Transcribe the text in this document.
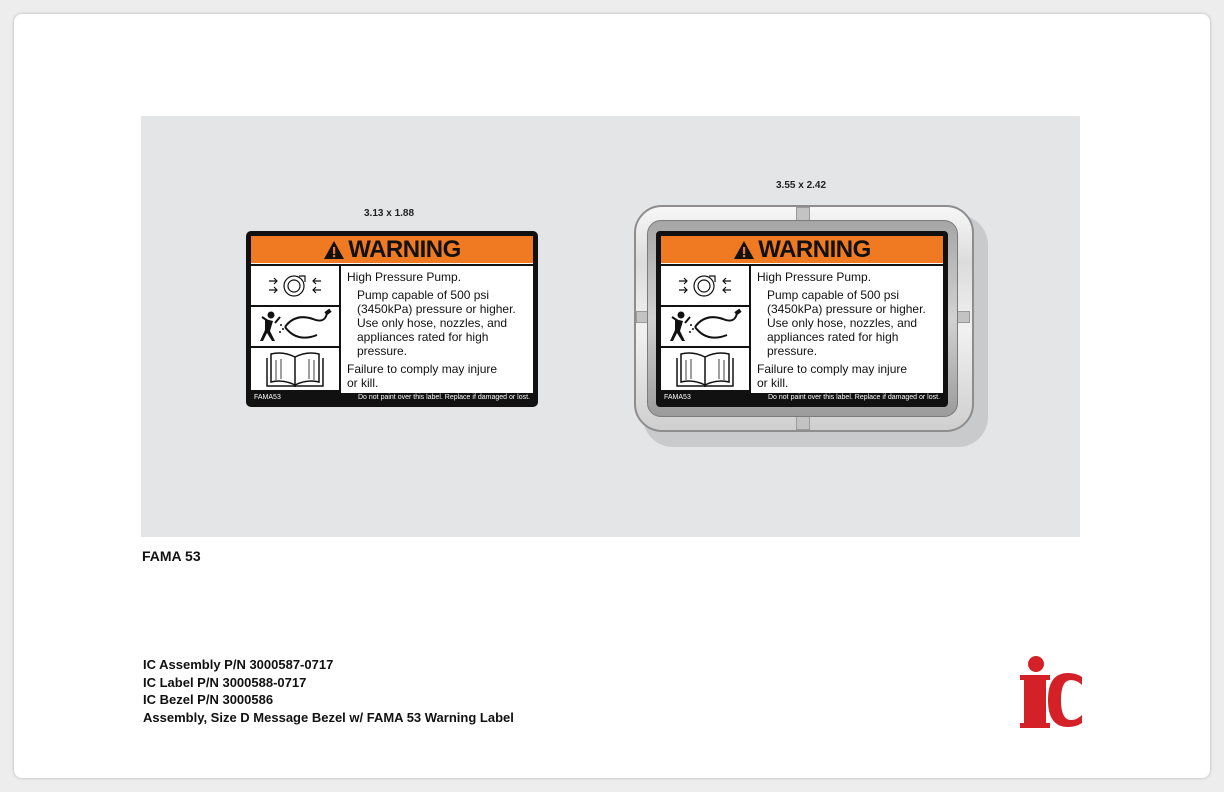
3.13 x 1.88
WARNING
High Pressure Pump.
Pump capable of 500 psi
(3450kPa) pressure or higher.
Use only hose, nozzles, and
appliances rated for high
pressure.
Failure to comply may injure
or kill.
FAMA53	Do not paint over this label. Replace if damaged or lost.
3.55 x 2.42
WARNING
High Pressure Pump.
Pump capable of 500 psi
(3450kPa) pressure or higher.
Use only hose, nozzles, and
appliances rated for high
pressure.
Failure to comply may injure
or kill.
FAMA53	Do not paint over this label. Replace if damaged or lost.
FAMA 53
IC Assembly P/N 3000587-0717
IC Label P/N 3000588-0717
IC Bezel P/N 3000586
Assembly, Size D Message Bezel w/ FAMA 53 Warning Label
